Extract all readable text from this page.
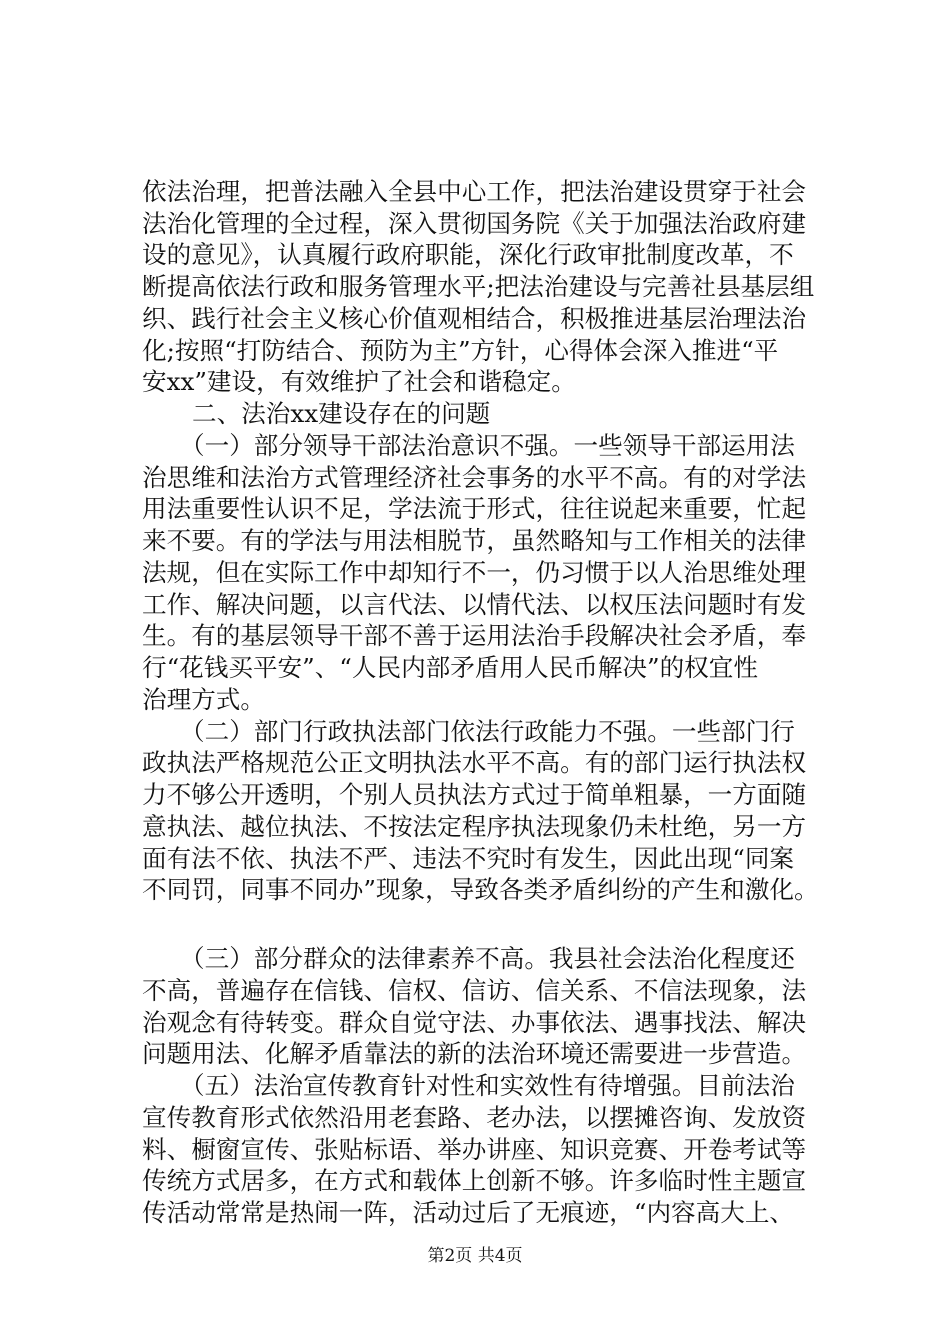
依法治理，把普法融入全县中心工作，把法治建设贯穿于社会
法治化管理的全过程，深入贯彻国务院《关于加强法治政府建
设的意见》，认真履行政府职能，深化行政审批制度改革，不
断提高依法行政和服务管理水平;把法治建设与完善社县基层组
织、践行社会主义核心价值观相结合，积极推进基层治理法治
化;按照“打防结合、预防为主”方针，心得体会深入推进“平
安xx”建设，有效维护了社会和谐稳定。
二、法治xx建设存在的问题
（一）部分领导干部法治意识不强。一些领导干部运用法
治思维和法治方式管理经济社会事务的水平不高。有的对学法
用法重要性认识不足，学法流于形式，往往说起来重要，忙起
来不要。有的学法与用法相脱节，虽然略知与工作相关的法律
法规，但在实际工作中却知行不一，仍习惯于以人治思维处理
工作、解决问题，以言代法、以情代法、以权压法问题时有发
生。有的基层领导干部不善于运用法治手段解决社会矛盾，奉
行“花钱买平安”、“人民内部矛盾用人民币解决”的权宜性
治理方式。
（二）部门行政执法部门依法行政能力不强。一些部门行
政执法严格规范公正文明执法水平不高。有的部门运行执法权
力不够公开透明，个别人员执法方式过于简单粗暴，一方面随
意执法、越位执法、不按法定程序执法现象仍未杜绝，另一方
面有法不依、执法不严、违法不究时有发生，因此出现“同案
不同罚，同事不同办”现象，导致各类矛盾纠纷的产生和激化。
（三）部分群众的法律素养不高。我县社会法治化程度还
不高，普遍存在信钱、信权、信访、信关系、不信法现象，法
治观念有待转变。群众自觉守法、办事依法、遇事找法、解决
问题用法、化解矛盾靠法的新的法治环境还需要进一步营造。
（五）法治宣传教育针对性和实效性有待增强。目前法治
宣传教育形式依然沿用老套路、老办法，以摆摊咨询、发放资
料、橱窗宣传、张贴标语、举办讲座、知识竞赛、开卷考试等
传统方式居多，在方式和载体上创新不够。许多临时性主题宣
传活动常常是热闹一阵，活动过后了无痕迹，“内容高大上、
第2页 共4页
